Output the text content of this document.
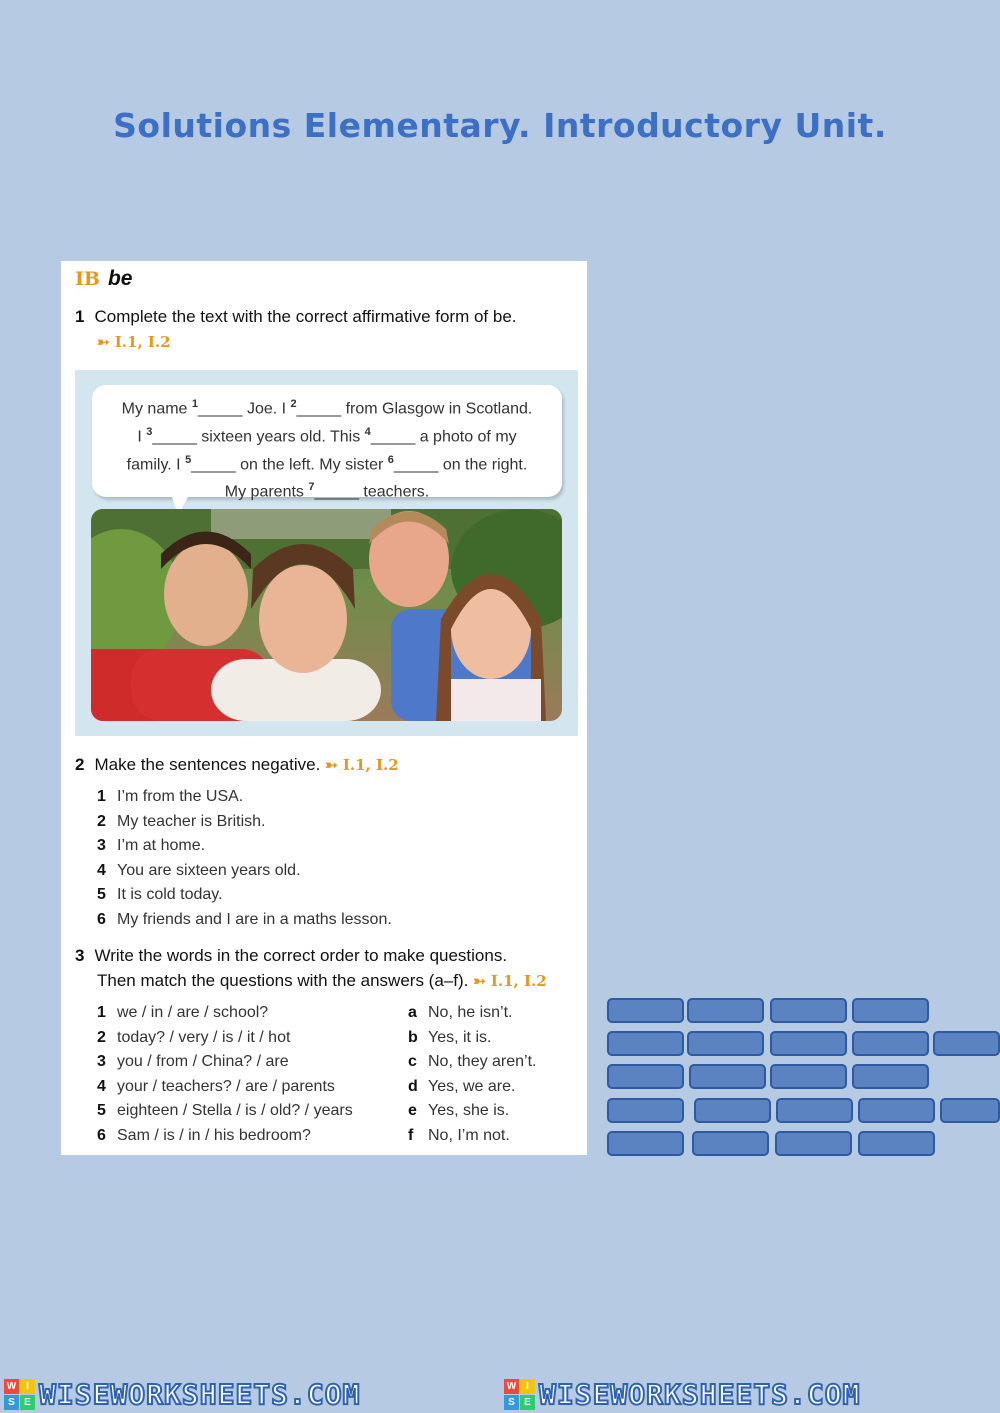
Solutions Elementary. Introductory Unit.
IB be
1 Complete the text with the correct affirmative form of be.
➳ I.1, I.2
My name $^1$_____ Joe. I $^2$_____ from Glasgow in Scotland.
I $^3$_____ sixteen years old. This $^4$_____ a photo of my
family. I $^5$_____ on the left. My sister $^6$_____ on the right.
My parents $^7$_____ teachers.
2 Make the sentences negative. ➳ I.1, I.2
1 I’m from the USA.
2 My teacher is British.
3 I’m at home.
4 You are sixteen years old.
5 It is cold today.
6 My friends and I are in a maths lesson.
3 Write the words in the correct order to make questions.
Then match the questions with the answers (a–f). ➳ I.1, I.2
1 we / in / are / school?
2 today? / very / is / it / hot
3 you / from / China? / are
4 your / teachers? / are / parents
5 eighteen / Stella / is / old? / years
6 Sam / is / in / his bedroom?
a No, he isn’t.
b Yes, it is.
c No, they aren’t.
d Yes, we are.
e Yes, she is.
f No, I’m not.
W I
S E WISEWORKSHEETS.COM	W I
S E WISEWORKSHEETS.COM
